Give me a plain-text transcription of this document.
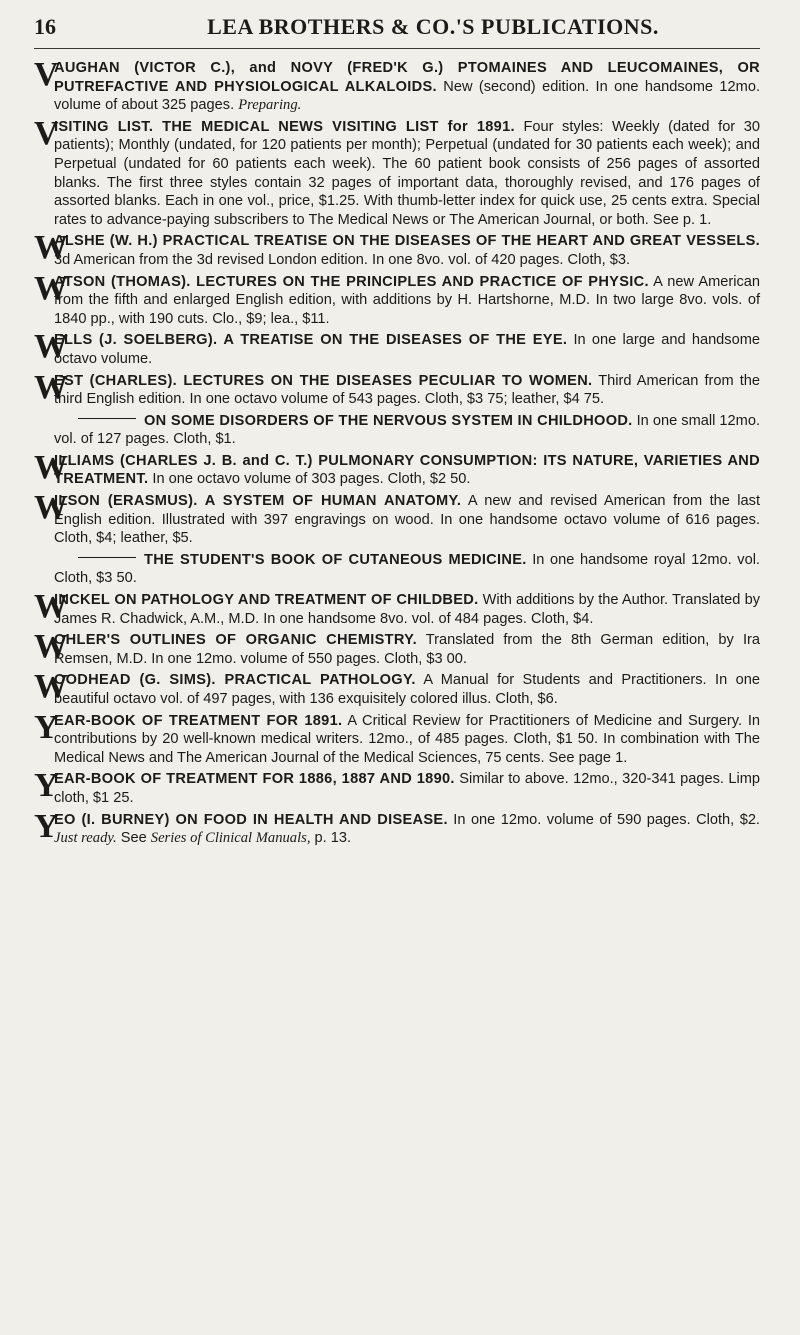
16	LEA BROTHERS & CO.'S PUBLICATIONS.
V
AUGHAN (VICTOR C.), and NOVY (FRED'K G.) PTOMAINES AND LEUCOMAINES, OR PUTREFACTIVE AND PHYSIOLOGICAL ALKALOIDS. New (second) edition. In one handsome 12mo. volume of about 325 pages. Preparing.
V
ISITING LIST. THE MEDICAL NEWS VISITING LIST for 1891. Four styles: Weekly (dated for 30 patients); Monthly (undated, for 120 patients per month); Perpetual (undated for 30 patients each week); and Perpetual (undated for 60 patients each week). The 60 patient book consists of 256 pages of assorted blanks. The first three styles contain 32 pages of important data, thoroughly revised, and 176 pages of assorted blanks. Each in one vol., price, $1.25. With thumb-letter index for quick use, 25 cents extra. Special rates to advance-paying subscribers to The Medical News or The American Journal, or both. See p. 1.
W
ALSHE (W. H.) PRACTICAL TREATISE ON THE DISEASES OF THE HEART AND GREAT VESSELS. 3d American from the 3d revised London edition. In one 8vo. vol. of 420 pages. Cloth, $3.
W
ATSON (THOMAS). LECTURES ON THE PRINCIPLES AND PRACTICE OF PHYSIC. A new American from the fifth and enlarged English edition, with additions by H. Hartshorne, M.D. In two large 8vo. vols. of 1840 pp., with 190 cuts. Clo., $9; lea., $11.
W
ELLS (J. SOELBERG). A TREATISE ON THE DISEASES OF THE EYE. In one large and handsome octavo volume.
W
EST (CHARLES). LECTURES ON THE DISEASES PECULIAR TO WOMEN. Third American from the third English edition. In one octavo volume of 543 pages. Cloth, $3 75; leather, $4 75.
ON SOME DISORDERS OF THE NERVOUS SYSTEM IN CHILDHOOD. In one small 12mo. vol. of 127 pages. Cloth, $1.
W
ILLIAMS (CHARLES J. B. and C. T.) PULMONARY CONSUMPTION: ITS NATURE, VARIETIES AND TREATMENT. In one octavo volume of 303 pages. Cloth, $2 50.
W
ILSON (ERASMUS). A SYSTEM OF HUMAN ANATOMY. A new and revised American from the last English edition. Illustrated with 397 engravings on wood. In one handsome octavo volume of 616 pages. Cloth, $4; leather, $5.
THE STUDENT'S BOOK OF CUTANEOUS MEDICINE. In one handsome royal 12mo. vol. Cloth, $3 50.
W
INCKEL ON PATHOLOGY AND TREATMENT OF CHILDBED. With additions by the Author. Translated by James R. Chadwick, A.M., M.D. In one handsome 8vo. vol. of 484 pages. Cloth, $4.
W
OHLER'S OUTLINES OF ORGANIC CHEMISTRY. Translated from the 8th German edition, by Ira Remsen, M.D. In one 12mo. volume of 550 pages. Cloth, $3 00.
W
OODHEAD (G. SIMS). PRACTICAL PATHOLOGY. A Manual for Students and Practitioners. In one beautiful octavo vol. of 497 pages, with 136 exquisitely colored illus. Cloth, $6.
Y
EAR-BOOK OF TREATMENT FOR 1891. A Critical Review for Practitioners of Medicine and Surgery. In contributions by 20 well-known medical writers. 12mo., of 485 pages. Cloth, $1 50. In combination with The Medical News and The American Journal of the Medical Sciences, 75 cents. See page 1.
Y
EAR-BOOK OF TREATMENT FOR 1886, 1887 AND 1890. Similar to above. 12mo., 320-341 pages. Limp cloth, $1 25.
Y
EO (I. BURNEY) ON FOOD IN HEALTH AND DISEASE. In one 12mo. volume of 590 pages. Cloth, $2. Just ready. See Series of Clinical Manuals, p. 13.
